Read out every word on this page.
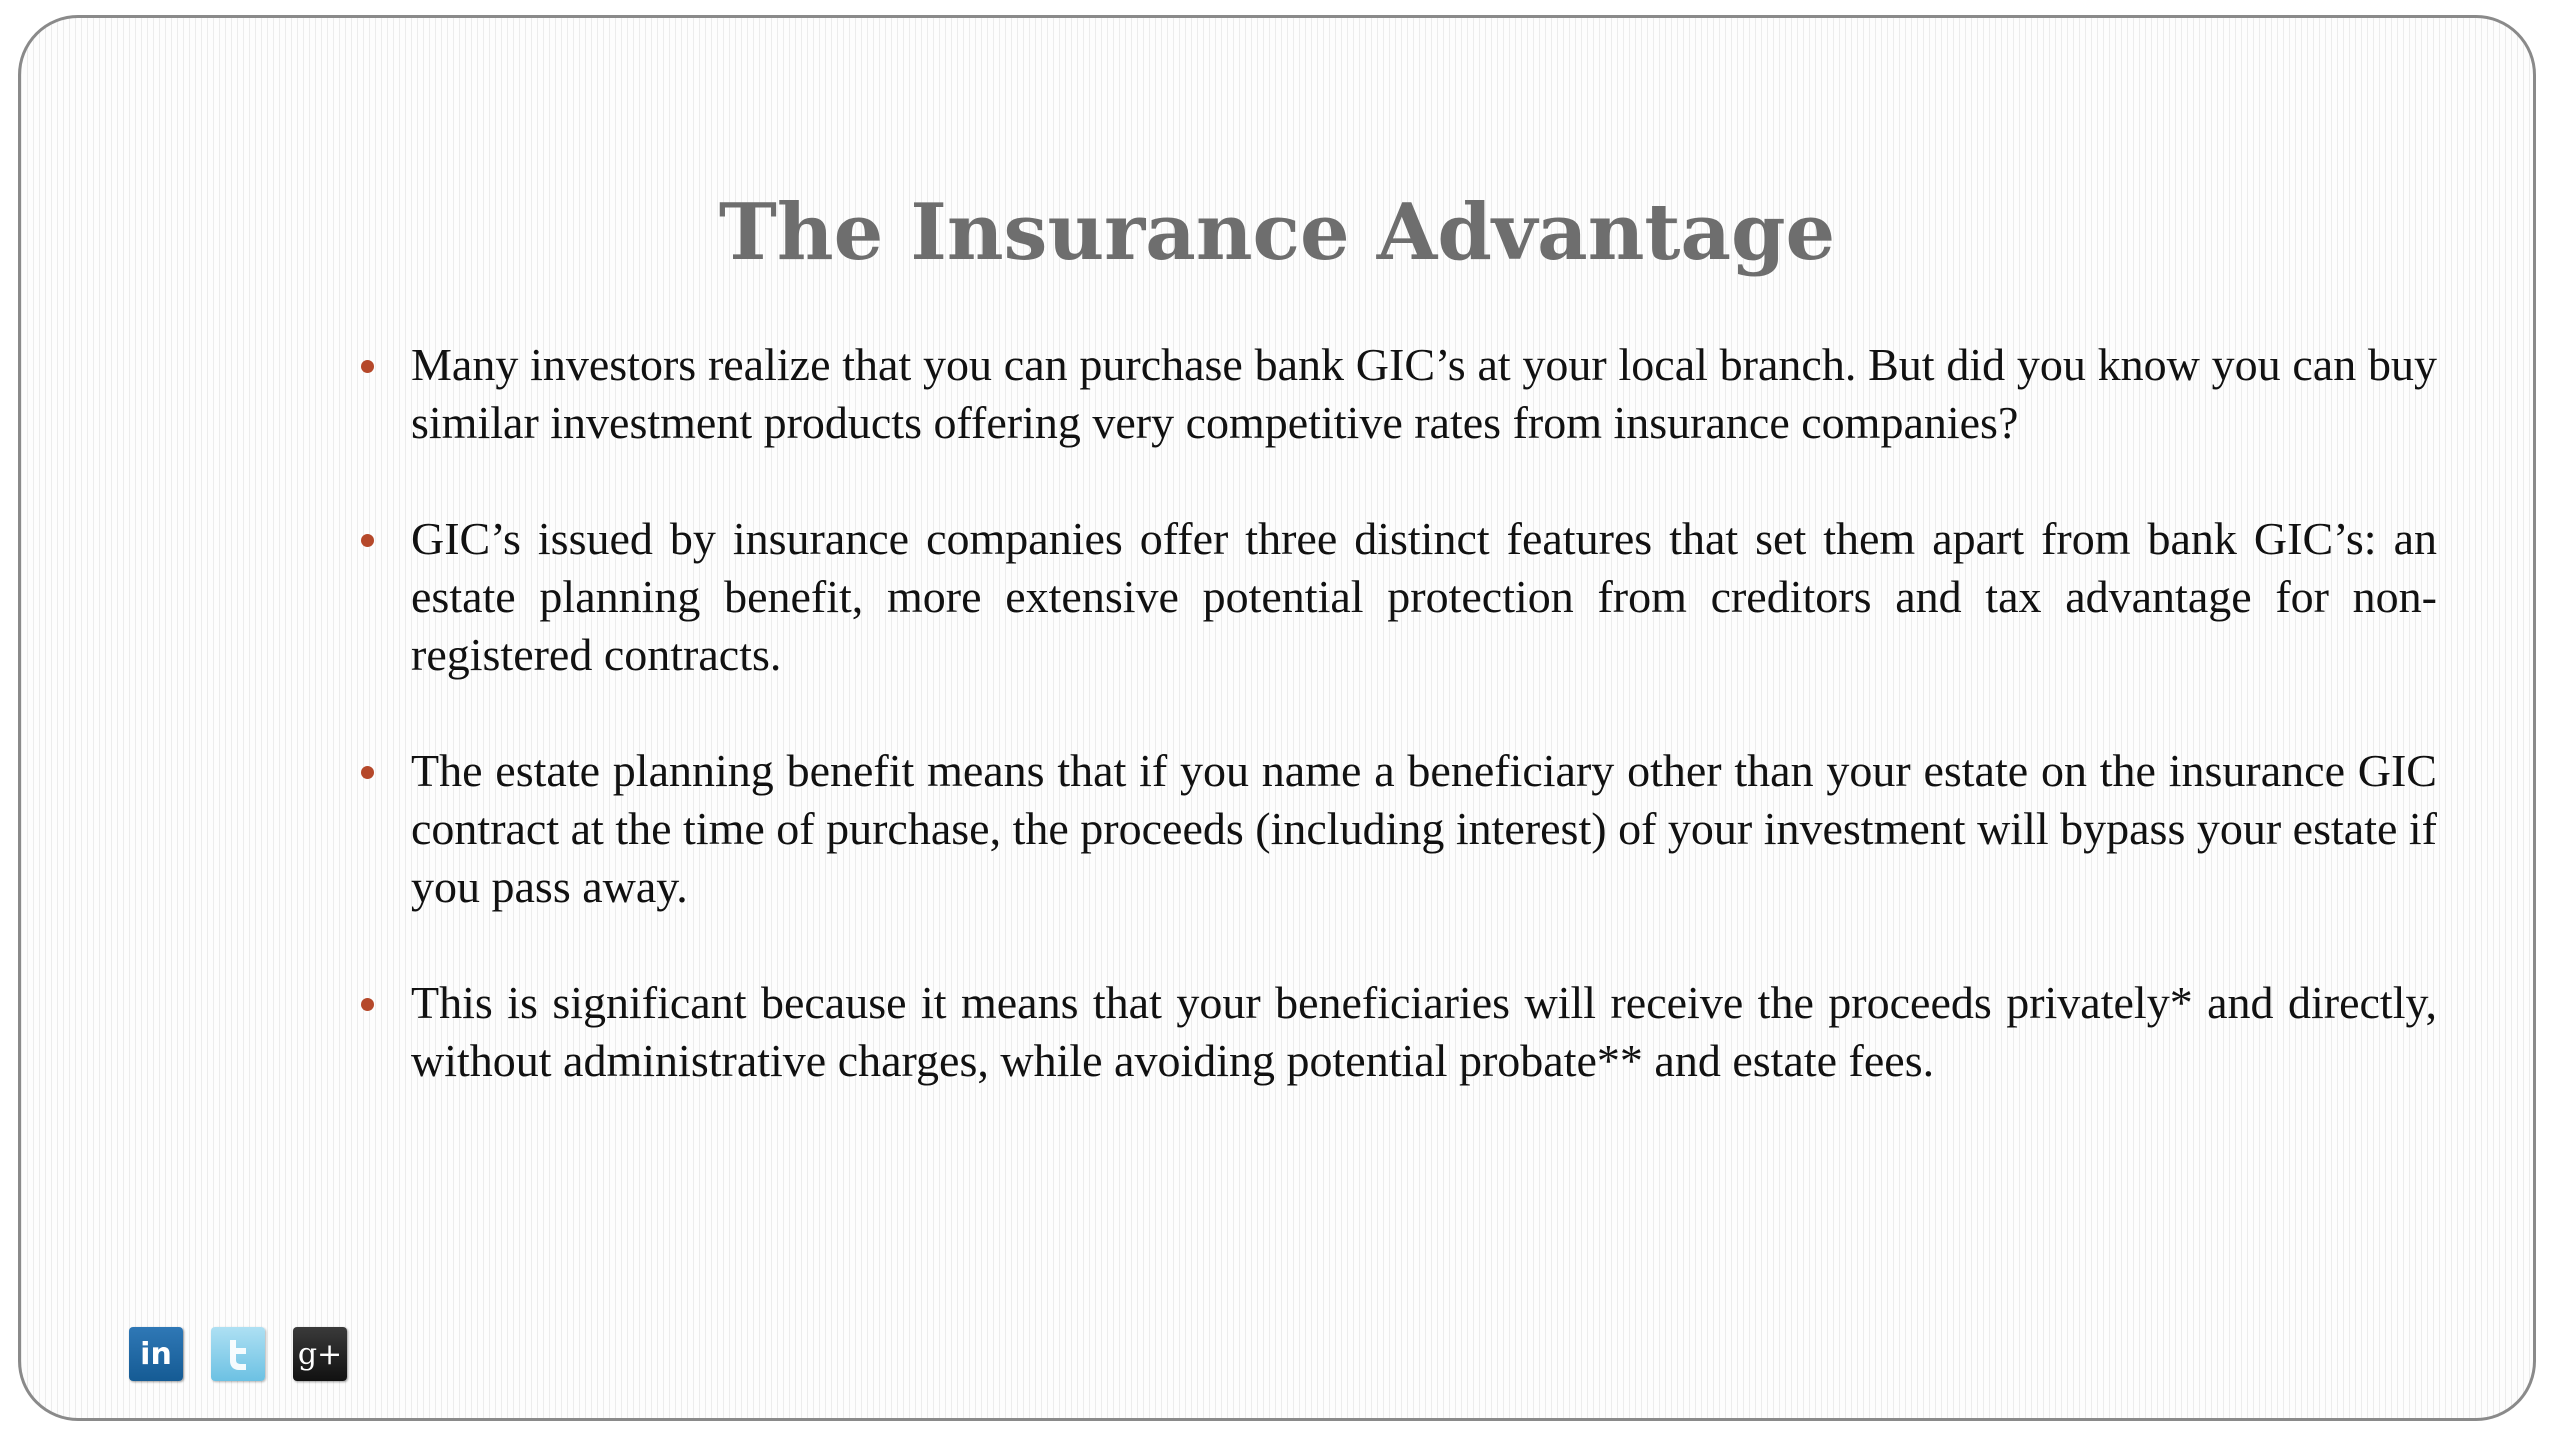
The Insurance Advantage
Many investors realize that you can purchase bank GIC’s at your local branch. But did you know you can buy similar investment products offering very competitive rates from insurance companies?
GIC’s issued by insurance companies offer three distinct features that set them apart from bank GIC’s: an estate planning benefit, more extensive potential protection from creditors and tax advantage for non-registered contracts.
The estate planning benefit means that if you name a beneficiary other than your estate on the insurance GIC contract at the time of purchase, the proceeds (including interest) of your investment will bypass your estate if you pass away.
This is significant because it means that your beneficiaries will receive the proceeds privately* and directly, without administrative charges, while avoiding potential probate** and estate fees.
in	g+
